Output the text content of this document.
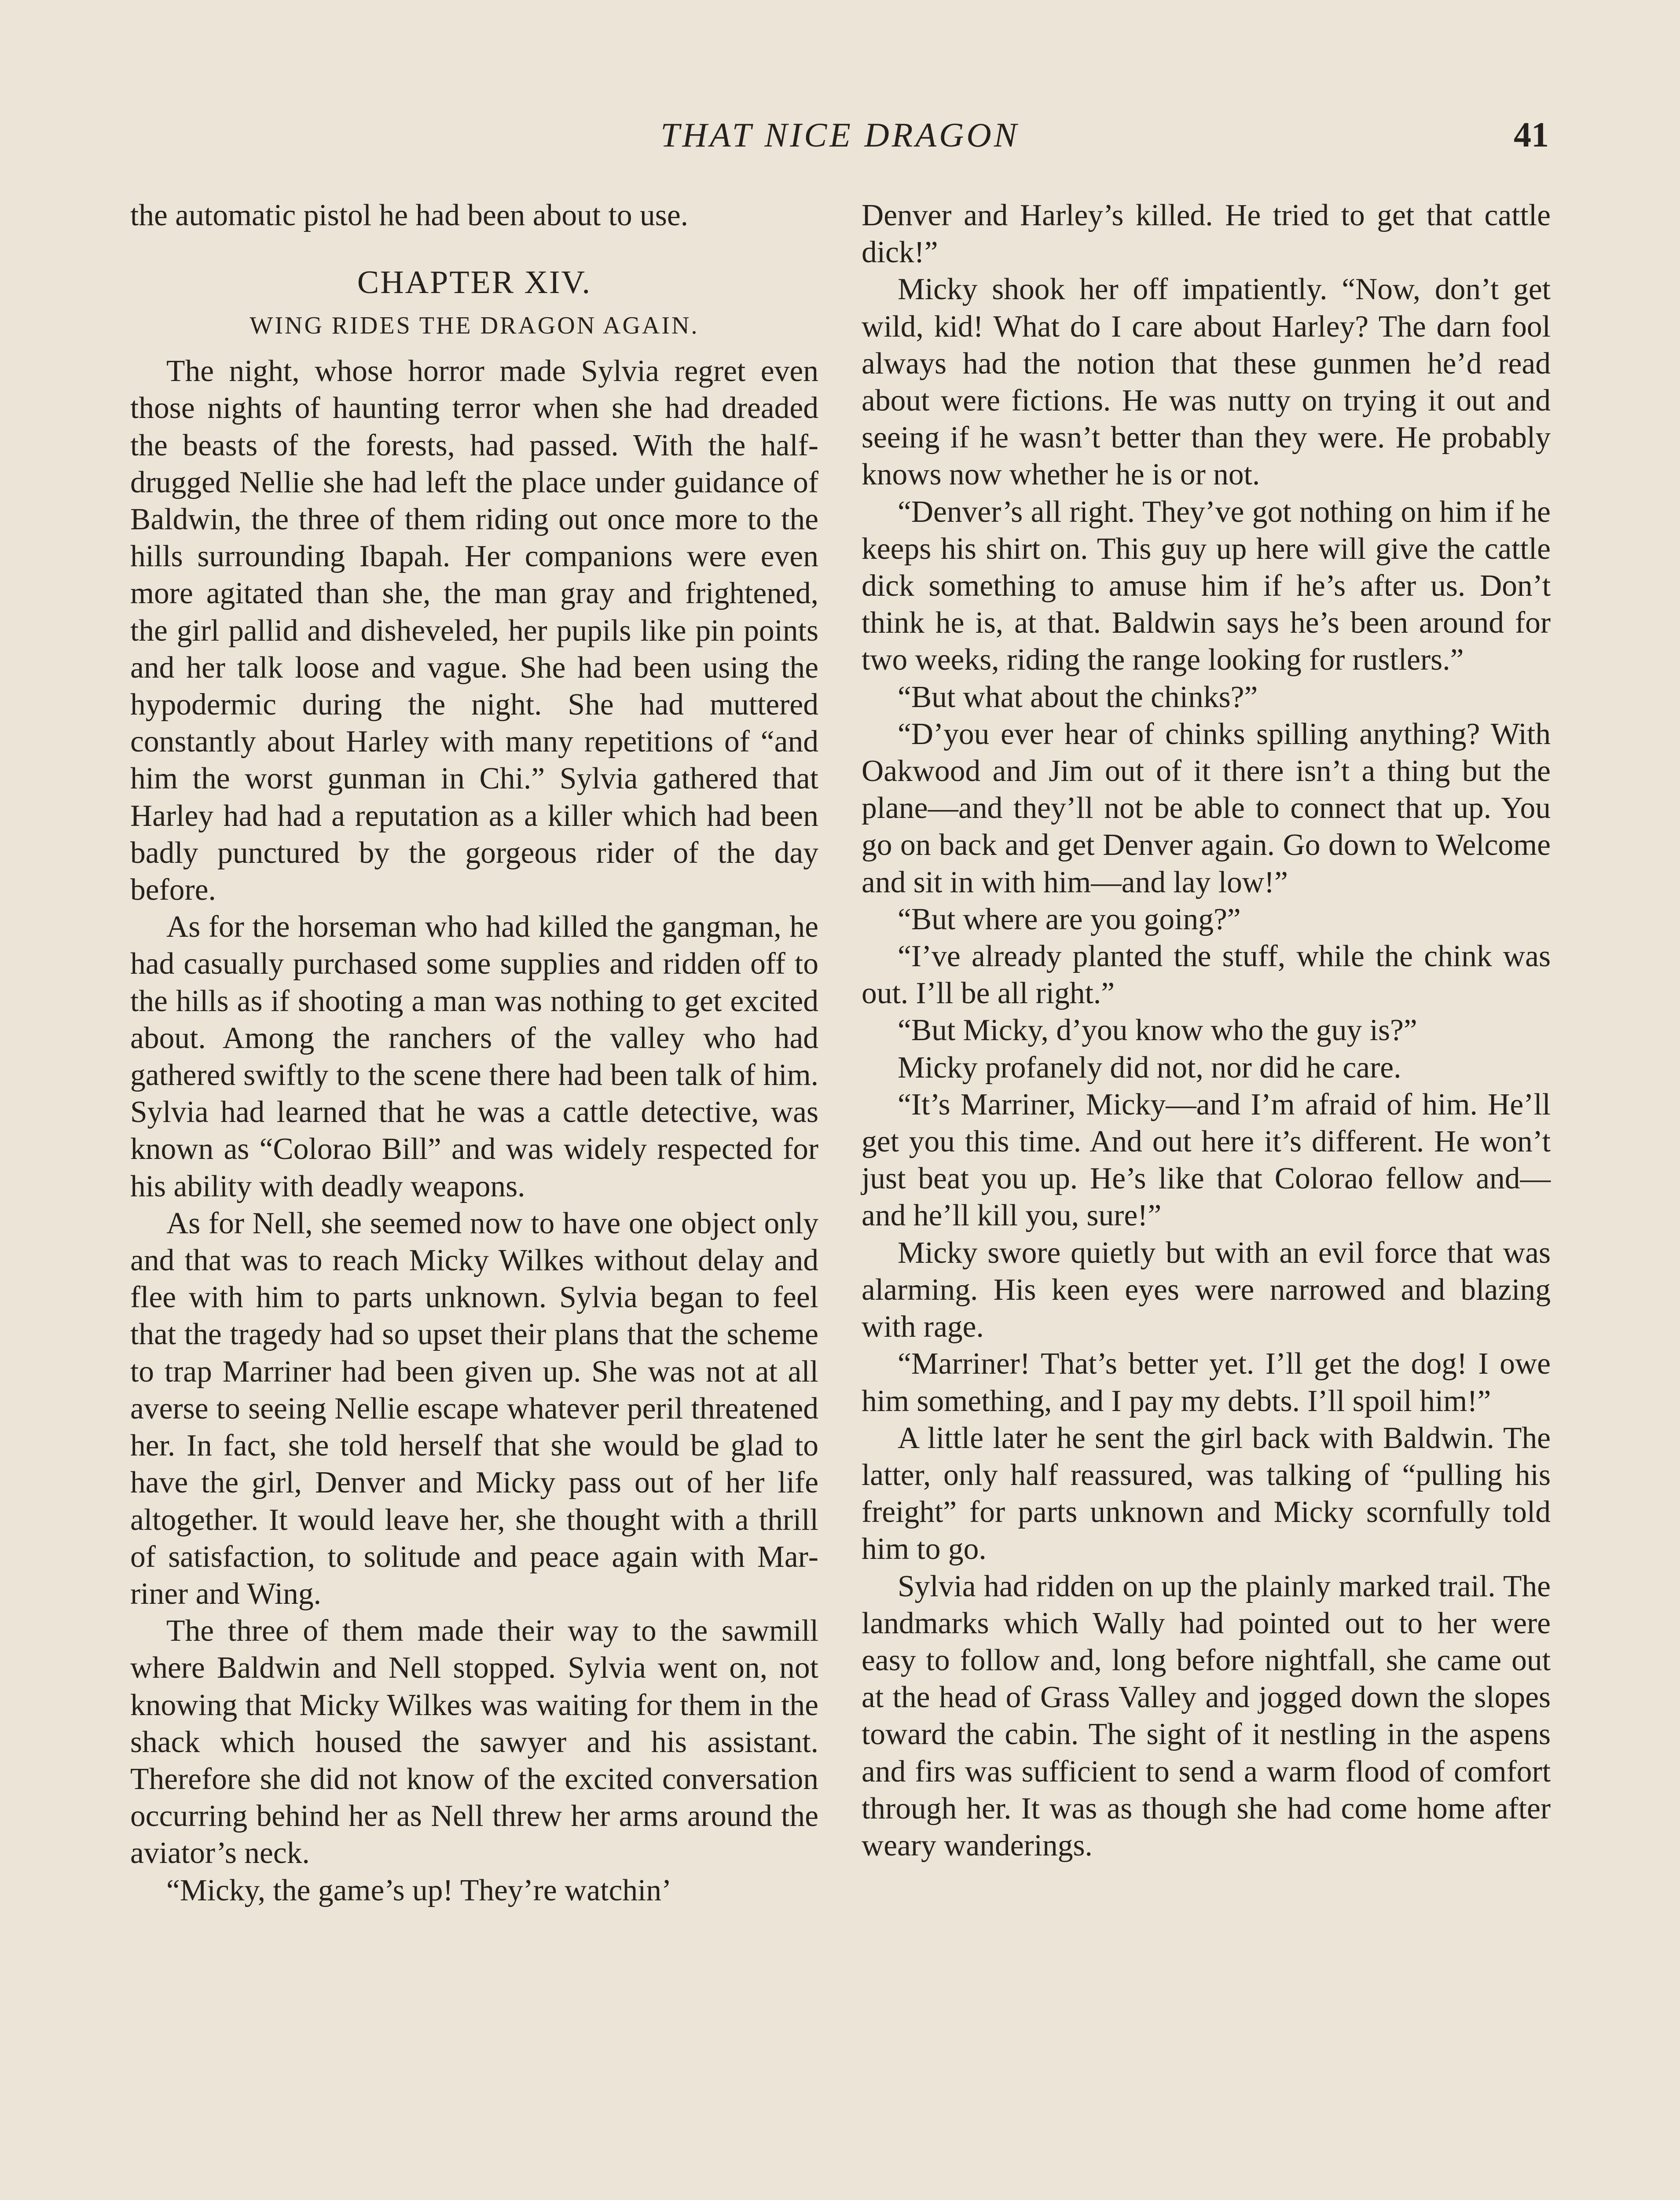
THAT NICE DRAGON	41

the automatic pistol he had been about to use.

CHAPTER XIV.
WING RIDES THE DRAGON AGAIN.

The night, whose horror made Sylvia regret even those nights of haunting terror when she had dreaded the beasts of the forests, had passed. With the half-drugged Nellie she had left the place under guidance of Baldwin, the three of them riding out once more to the hills surrounding Ibapah. Her companions were even more agitated than she, the man gray and frightened, the girl pallid and disheveled, her pupils like pin points and her talk loose and vague. She had been using the hypodermic during the night. She had muttered constantly about Harley with many repetitions of “and him the worst gunman in Chi.” Sylvia gathered that Harley had had a reputation as a killer which had been badly punctured by the gorgeous rider of the day before.

As for the horseman who had killed the gangman, he had casually purchased some supplies and ridden off to the hills as if shooting a man was nothing to get excited about. Among the ranchers of the valley who had gathered swiftly to the scene there had been talk of him. Sylvia had learned that he was a cattle detective, was known as “Colorao Bill” and was widely respected for his ability with deadly weapons.

As for Nell, she seemed now to have one object only and that was to reach Micky Wilkes without delay and flee with him to parts unknown. Sylvia began to feel that the tragedy had so upset their plans that the scheme to trap Marriner had been given up. She was not at all averse to seeing Nellie escape whatever peril threatened her. In fact, she told herself that she would be glad to have the girl, Denver and Micky pass out of her life altogether. It would leave her, she thought with a thrill of satisfaction, to solitude and peace again with Marriner and Wing.

The three of them made their way to the sawmill where Baldwin and Nell stopped. Sylvia went on, not knowing that Micky Wilkes was waiting for them in the shack which housed the sawyer and his assistant. Therefore she did not know of the excited conversation occurring behind her as Nell threw her arms around the aviator’s neck.

“Micky, the game’s up! They’re watchin’

Denver and Harley’s killed. He tried to get that cattle dick!”

Micky shook her off impatiently. “Now, don’t get wild, kid! What do I care about Harley? The darn fool always had the notion that these gunmen he’d read about were fictions. He was nutty on trying it out and seeing if he wasn’t better than they were. He probably knows now whether he is or not.

“Denver’s all right. They’ve got nothing on him if he keeps his shirt on. This guy up here will give the cattle dick something to amuse him if he’s after us. Don’t think he is, at that. Baldwin says he’s been around for two weeks, riding the range looking for rustlers.”

“But what about the chinks?”

“D’you ever hear of chinks spilling anything? With Oakwood and Jim out of it there isn’t a thing but the plane—and they’ll not be able to connect that up. You go on back and get Denver again. Go down to Welcome and sit in with him—and lay low!”

“But where are you going?”

“I’ve already planted the stuff, while the chink was out. I’ll be all right.”

“But Micky, d’you know who the guy is?”

Micky profanely did not, nor did he care.

“It’s Marriner, Micky—and I’m afraid of him. He’ll get you this time. And out here it’s different. He won’t just beat you up. He’s like that Colorao fellow and—and he’ll kill you, sure!”

Micky swore quietly but with an evil force that was alarming. His keen eyes were narrowed and blazing with rage.

“Marriner! That’s better yet. I’ll get the dog! I owe him something, and I pay my debts. I’ll spoil him!”

A little later he sent the girl back with Baldwin. The latter, only half reassured, was talking of “pulling his freight” for parts unknown and Micky scornfully told him to go.

Sylvia had ridden on up the plainly marked trail. The landmarks which Wally had pointed out to her were easy to follow and, long before nightfall, she came out at the head of Grass Valley and jogged down the slopes toward the cabin. The sight of it nestling in the aspens and firs was sufficient to send a warm flood of comfort through her. It was as though she had come home after weary wanderings.
